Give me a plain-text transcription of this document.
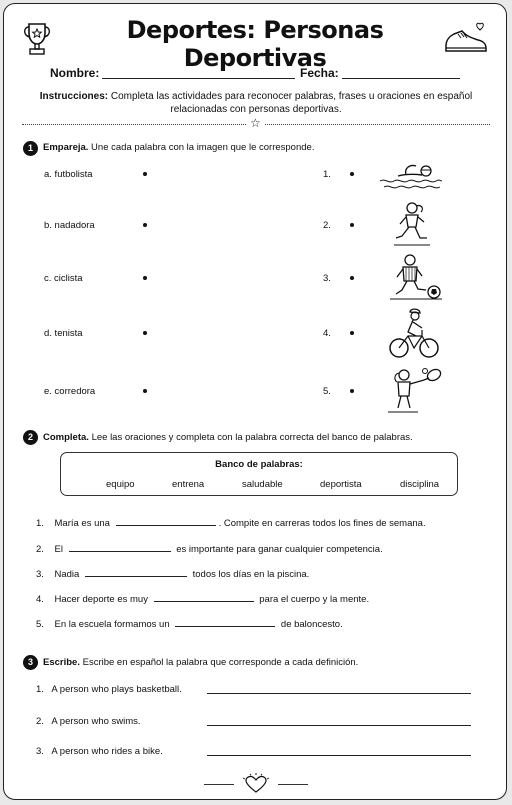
Deportes: Personas Deportivas
Nombre:	Fecha:
Instrucciones: Completa las actividades para reconocer palabras, frases u oraciones en español relacionadas con personas deportivas.
☆
1	Empareja. Une cada palabra con la imagen que le corresponde.
a. futbolista	1.
b. nadadora	2.
c. ciclista	3.
d. tenista	4.
e. corredora	5.
2	Completa. Lee las oraciones y completa con la palabra correcta del banco de palabras.
Banco de palabras:
equipo	entrena	saludable	deportista	disciplina
1. María es una	. Compite en carreras todos los fines de semana.
2. El	es importante para ganar cualquier competencia.
3. Nadia	todos los días en la piscina.
4. Hacer deporte es muy	para el cuerpo y la mente.
5. En la escuela formamos un	de baloncesto.
3	Escribe. Escribe en español la palabra que corresponde a cada definición.
1. A person who plays basketball.
2. A person who swims.
3. A person who rides a bike.
